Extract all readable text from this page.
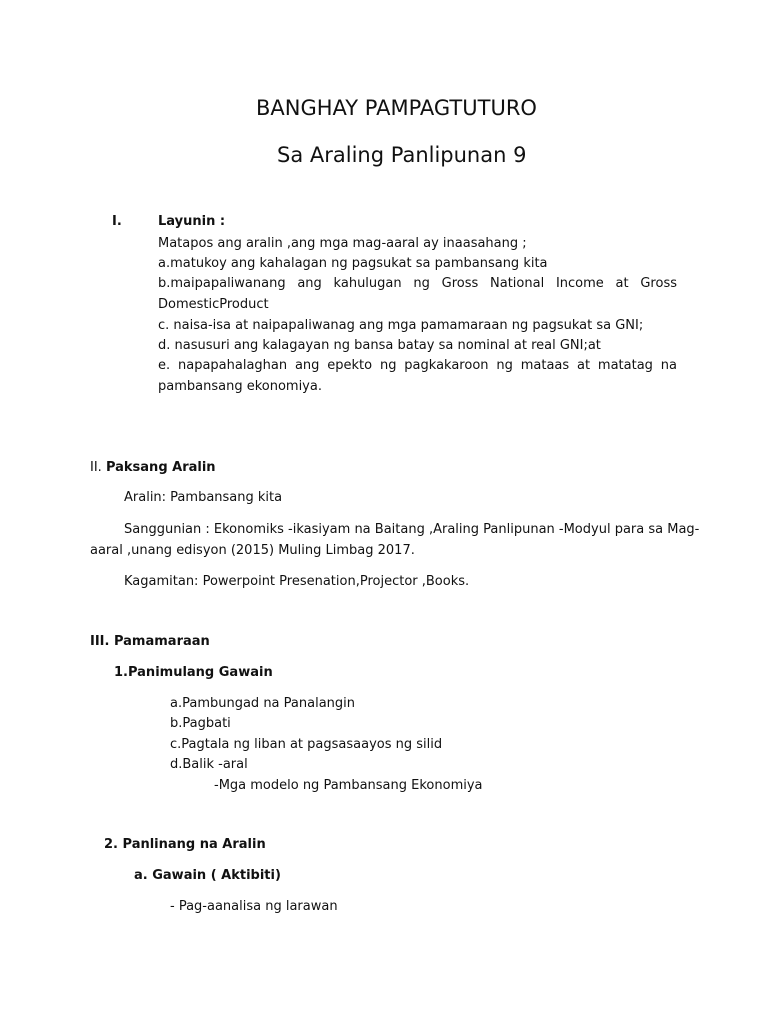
BANGHAY PAMPAGTUTURO
Sa Araling Panlipunan 9
I.	Layunin :
Matapos ang aralin ,ang mga mag-aaral ay inaasahang ;
a.matukoy ang kahalagan ng pagsukat sa pambansang kita
b.maipapaliwanang ang kahulugan ng Gross National Income at Gross
DomesticProduct
c. naisa-isa at naipapaliwanag ang mga pamamaraan ng pagsukat sa GNI;
d. nasusuri ang kalagayan ng bansa batay sa nominal at real GNI;at
e. napapahalaghan ang epekto ng pagkakaroon ng mataas at matatag na
pambansang ekonomiya.
II. Paksang Aralin
Aralin: Pambansang kita
Sanggunian : Ekonomiks -ikasiyam na Baitang ,Araling Panlipunan -Modyul para sa Mag-
aaral ,unang edisyon (2015) Muling Limbag 2017.
Kagamitan: Powerpoint Presenation,Projector ,Books.
III. Pamamaraan
1.Panimulang Gawain
a.Pambungad na Panalangin
b.Pagbati
c.Pagtala ng liban at pagsasaayos ng silid
d.Balik -aral
-Mga modelo ng Pambansang Ekonomiya
2. Panlinang na Aralin
a. Gawain ( Aktibiti)
- Pag-aanalisa ng larawan
